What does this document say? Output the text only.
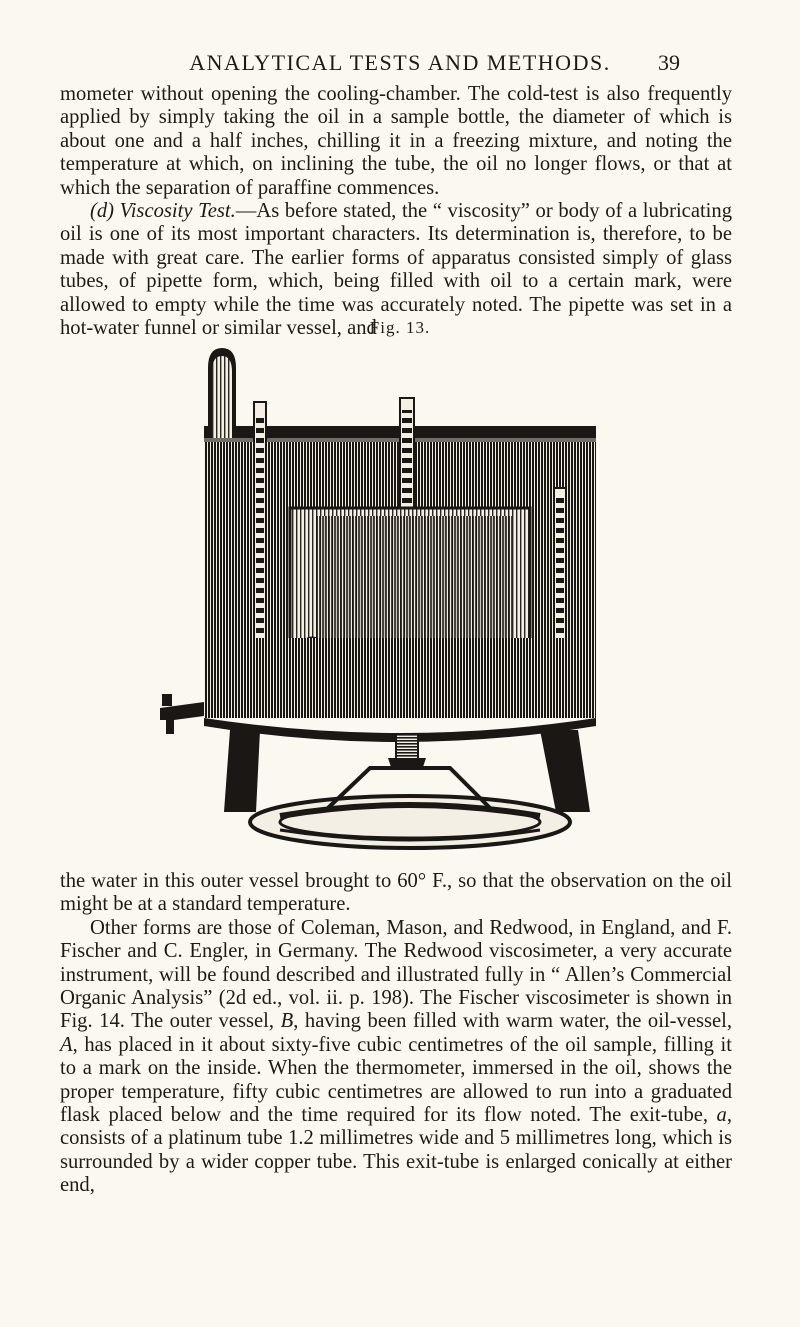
ANALYTICAL TESTS AND METHODS.	39

mometer without opening the cooling-chamber. The cold-test is also frequently applied by simply taking the oil in a sample bottle, the diameter of which is about one and a half inches, chilling it in a freezing mixture, and noting the temperature at which, on inclining the tube, the oil no longer flows, or that at which the separation of paraffine commences.

(d) Viscosity Test.—As before stated, the “ viscosity” or body of a lubricating oil is one of its most important characters. Its determination is, therefore, to be made with great care. The earlier forms of apparatus consisted simply of glass tubes, of pipette form, which, being filled with oil to a certain mark, were allowed to empty while the time was accurately noted. The pipette was set in a hot-water funnel or similar vessel, and

Fig. 13.

the water in this outer vessel brought to 60° F., so that the observation on the oil might be at a standard temperature.

Other forms are those of Coleman, Mason, and Redwood, in England, and F. Fischer and C. Engler, in Germany. The Redwood viscosimeter, a very accurate instrument, will be found described and illustrated fully in “ Allen’s Commercial Organic Analysis” (2d ed., vol. ii. p. 198). The Fischer viscosimeter is shown in Fig. 14. The outer vessel, B, having been filled with warm water, the oil-vessel, A, has placed in it about sixty-five cubic centimetres of the oil sample, filling it to a mark on the inside. When the thermometer, immersed in the oil, shows the proper temperature, fifty cubic centimetres are allowed to run into a graduated flask placed below and the time required for its flow noted. The exit-tube, a, consists of a platinum tube 1.2 millimetres wide and 5 millimetres long, which is surrounded by a wider copper tube. This exit-tube is enlarged conically at either end,
